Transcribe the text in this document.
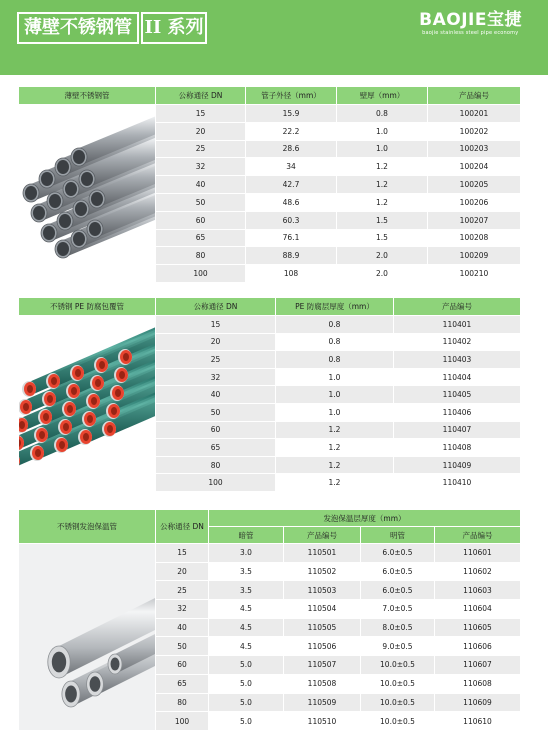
薄壁不锈钢管 II 系列	BAOJIE宝捷
baojie stainless steel pipe economy
薄壁不锈钢管	公称通径 DN	管子外径（mm）	壁厚（mm）	产品编号

	15	15.9	0.8	100201
	20	22.2	1.0	100202
	25	28.6	1.0	100203
	32	34	1.2	100204
	40	42.7	1.2	100205
	50	48.6	1.2	100206
	60	60.3	1.5	100207
	65	76.1	1.5	100208
	80	88.9	2.0	100209
	100	108	2.0	100210
不锈钢 PE 防腐包覆管	公称通径 DN	PE 防腐层厚度（mm）	产品编号

	15	0.8	110401
	20	0.8	110402
	25	0.8	110403
	32	1.0	110404
	40	1.0	110405
	50	1.0	110406
	60	1.2	110407
	65	1.2	110408
	80	1.2	110409
	100	1.2	110410
不锈钢发泡保温管	公称通径 DN	发泡保温层厚度（mm）			
		暗管	产品编号	明管	产品编号

	15	3.0	110501	6.0±0.5	110601
	20	3.5	110502	6.0±0.5	110602
	25	3.5	110503	6.0±0.5	110603
	32	4.5	110504	7.0±0.5	110604
	40	4.5	110505	8.0±0.5	110605
	50	4.5	110506	9.0±0.5	110606
	60	5.0	110507	10.0±0.5	110607
	65	5.0	110508	10.0±0.5	110608
	80	5.0	110509	10.0±0.5	110609
	100	5.0	110510	10.0±0.5	110610
